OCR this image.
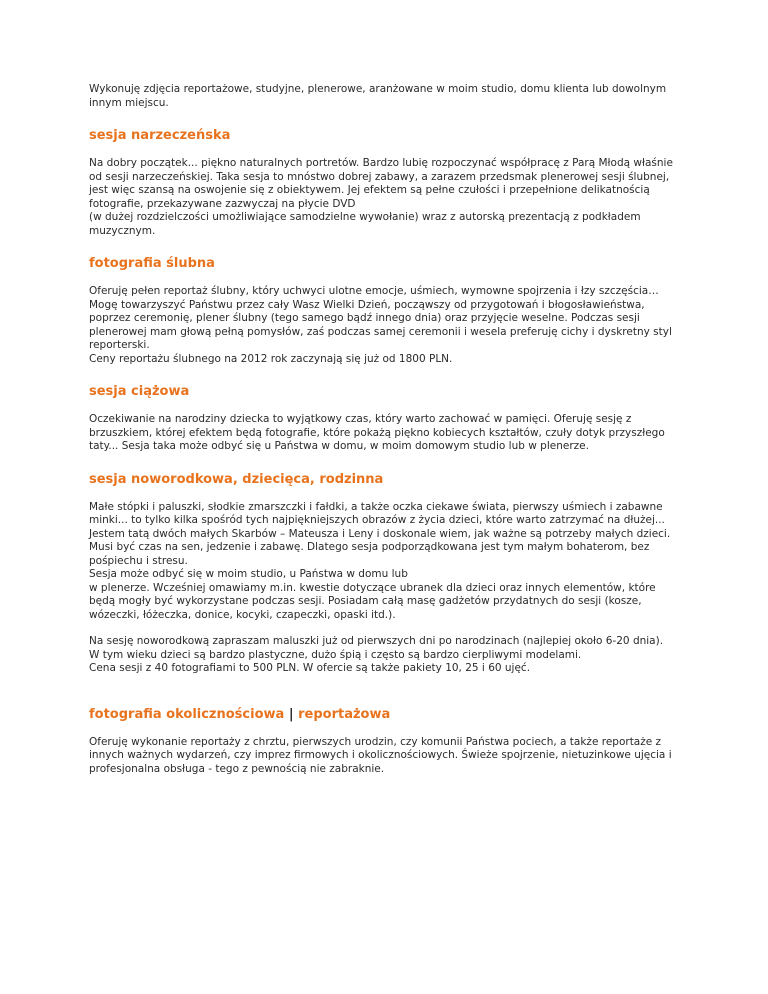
Wykonuję zdjęcia reportażowe, studyjne, plenerowe, aranżowane w moim studio, domu klienta lub dowolnym
innym miejscu.

sesja narzeczeńska

Na dobry początek... piękno naturalnych portretów. Bardzo lubię rozpoczynać współpracę z Parą Młodą właśnie
od sesji narzeczeńskiej. Taka sesja to mnóstwo dobrej zabawy, a zarazem przedsmak plenerowej sesji ślubnej,
jest więc szansą na oswojenie się z obiektywem. Jej efektem są pełne czułości i przepełnione delikatnością
fotografie, przekazywane zazwyczaj na płycie DVD
(w dużej rozdzielczości umożliwiające samodzielne wywołanie) wraz z autorską prezentacją z podkładem
muzycznym.

fotografia ślubna

Oferuję pełen reportaż ślubny, który uchwyci ulotne emocje, uśmiech, wymowne spojrzenia i łzy szczęścia…
Mogę towarzyszyć Państwu przez cały Wasz Wielki Dzień, począwszy od przygotowań i błogosławieństwa,
poprzez ceremonię, plener ślubny (tego samego bądź innego dnia) oraz przyjęcie weselne. Podczas sesji
plenerowej mam głową pełną pomysłów, zaś podczas samej ceremonii i wesela preferuję cichy i dyskretny styl
reporterski.
Ceny reportażu ślubnego na 2012 rok zaczynają się już od 1800 PLN.

sesja ciążowa

Oczekiwanie na narodziny dziecka to wyjątkowy czas, który warto zachować w pamięci. Oferuję sesję z
brzuszkiem, której efektem będą fotografie, które pokażą piękno kobiecych kształtów, czuły dotyk przyszłego
taty... Sesja taka może odbyć się u Państwa w domu, w moim domowym studio lub w plenerze.

sesja noworodkowa, dziecięca, rodzinna

Małe stópki i paluszki, słodkie zmarszczki i fałdki, a także oczka ciekawe świata, pierwszy uśmiech i zabawne
minki... to tylko kilka spośród tych najpiękniejszych obrazów z życia dzieci, które warto zatrzymać na dłużej...
Jestem tatą dwóch małych Skarbów – Mateusza i Leny i doskonale wiem, jak ważne są potrzeby małych dzieci.
Musi być czas na sen, jedzenie i zabawę. Dlatego sesja podporządkowana jest tym małym bohaterom, bez
pośpiechu i stresu.
Sesja może odbyć się w moim studio, u Państwa w domu lub
w plenerze. Wcześniej omawiamy m.in. kwestie dotyczące ubranek dla dzieci oraz innych elementów, które
będą mogły być wykorzystane podczas sesji. Posiadam całą masę gadżetów przydatnych do sesji (kosze,
wózeczki, łóżeczka, donice, kocyki, czapeczki, opaski itd.).

Na sesję noworodkową zapraszam maluszki już od pierwszych dni po narodzinach (najlepiej około 6-20 dnia).
W tym wieku dzieci są bardzo plastyczne, dużo śpią i często są bardzo cierpliwymi modelami.
Cena sesji z 40 fotografiami to 500 PLN. W ofercie są także pakiety 10, 25 i 60 ujęć.

fotografia okolicznościowa | reportażowa

Oferuję wykonanie reportaży z chrztu, pierwszych urodzin, czy komunii Państwa pociech, a także reportaże z
innych ważnych wydarzeń, czy imprez firmowych i okolicznościowych. Świeże spojrzenie, nietuzinkowe ujęcia i
profesjonalna obsługa - tego z pewnością nie zabraknie.
